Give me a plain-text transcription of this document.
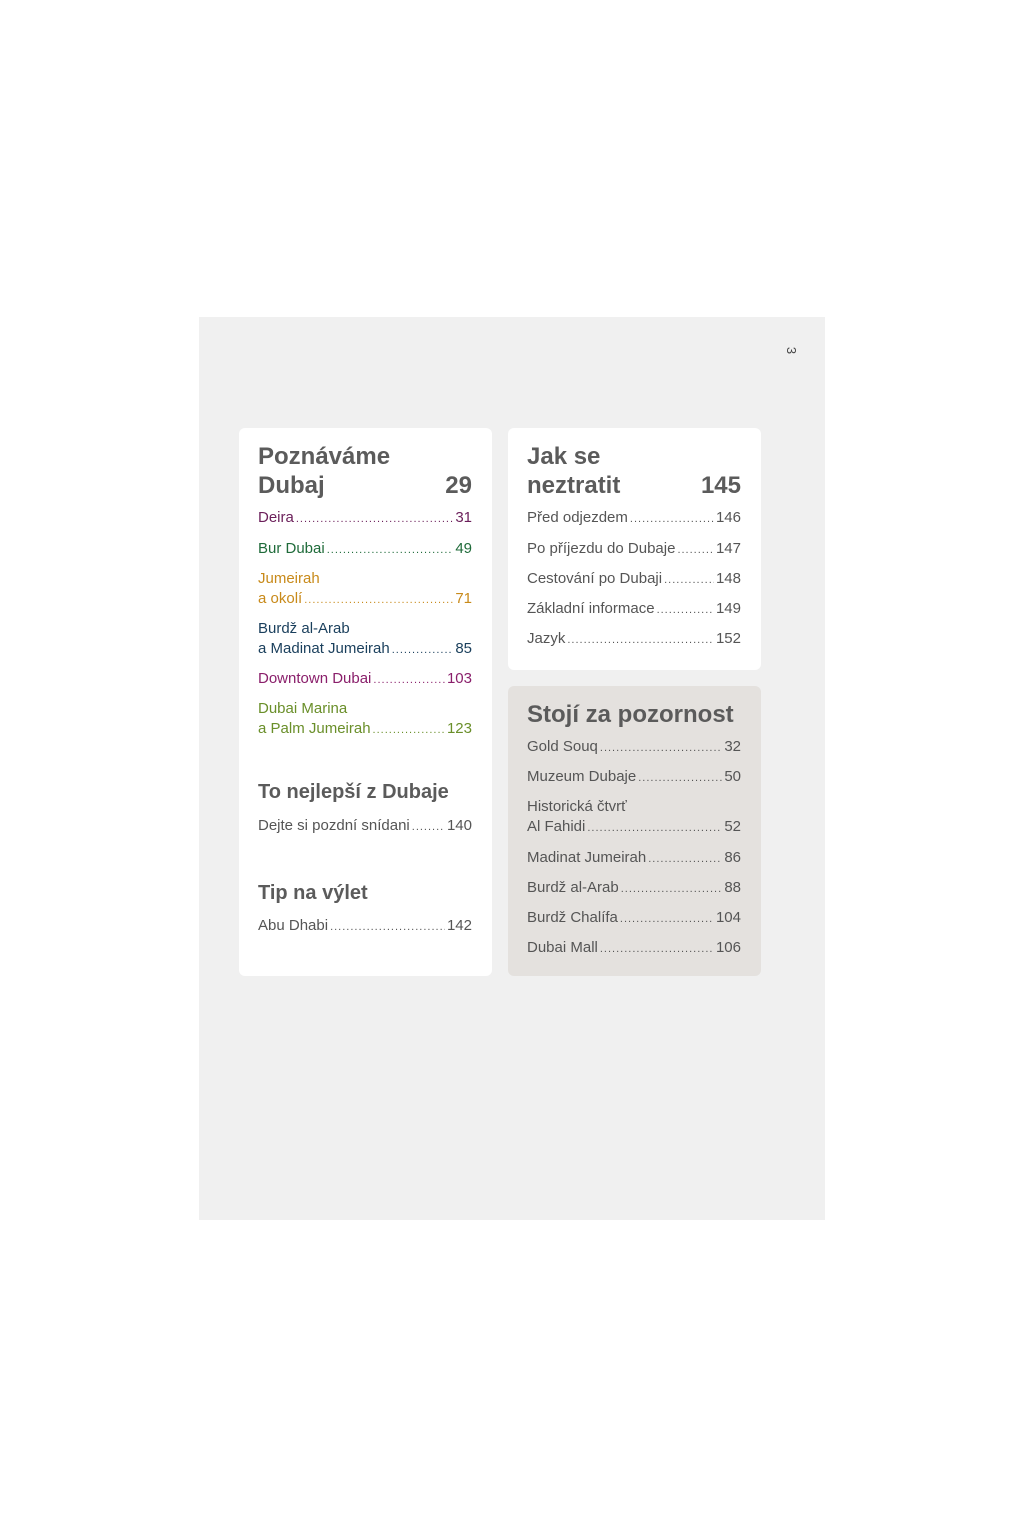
3
Poznáváme
Dubaj	29
Deira .....	31
Bur Dubai .....	49
Jumeirah
a okolí .....	71
Burdž al-Arab
a Madinat Jumeirah .....	85
Downtown Dubai .....	103
Dubai Marina
a Palm Jumeirah .....	123
To nejlepší z Dubaje
Dejte si pozdní snídani ..... 140
Tip na výlet
Abu Dhabi .....	142
Jak se
neztratit	145
Před odjezdem .....	146
Po příjezdu do Dubaje .....	147
Cestování po Dubaji .....	148
Základní informace .....	149
Jazyk .....	152
Stojí za pozornost
Gold Souq .....	32
Muzeum Dubaje .....	50
Historická čtvrť
Al Fahidi .....	52
Madinat Jumeirah .....	86
Burdž al-Arab .....	88
Burdž Chalífa .....	104
Dubai Mall .....	106
